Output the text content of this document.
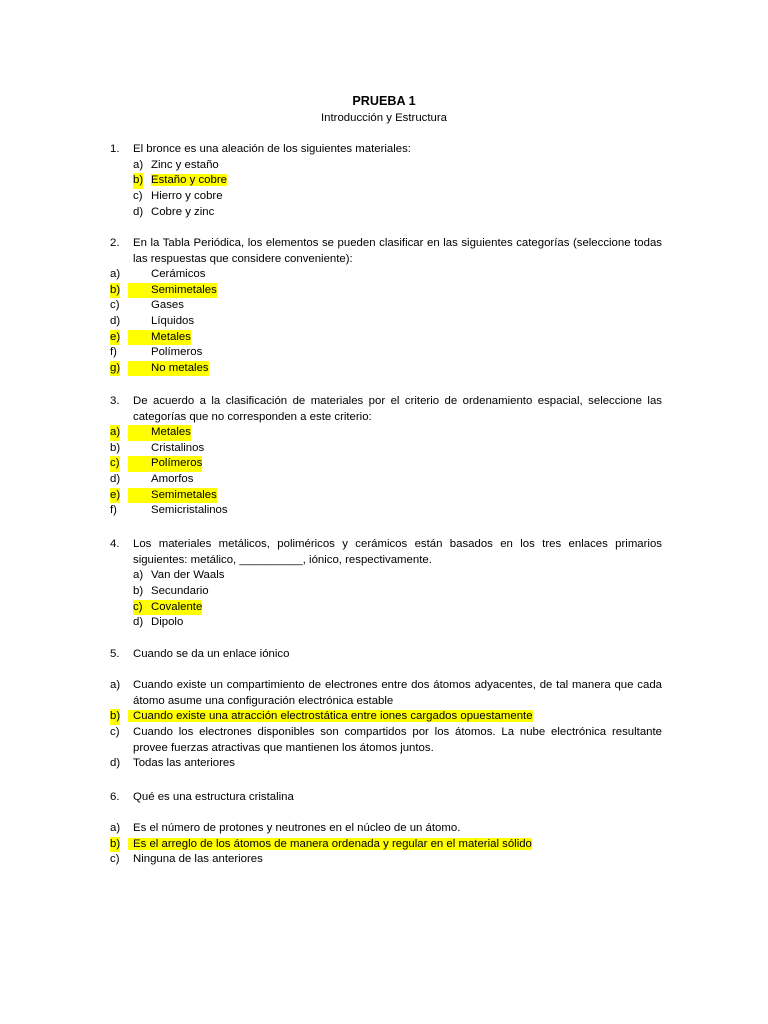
PRUEBA 1
Introducción y Estructura
1. El bronce es una aleación de los siguientes materiales:
a) Zinc y estaño
b) Estaño y cobre
c) Hierro y cobre
d) Cobre y zinc
2. En la Tabla Periódica, los elementos se pueden clasificar en las siguientes categorías (seleccione todas las respuestas que considere conveniente):
a)	Cerámicos
b)	Semimetales
c)	Gases
d)	Líquidos
e)	Metales
f)	Polímeros
g)	No metales
3. De acuerdo a la clasificación de materiales por el criterio de ordenamiento espacial, seleccione las categorías que no corresponden a este criterio:
a)	Metales
b)	Cristalinos
c)	Polímeros
d)	Amorfos
e)	Semimetales
f)	Semicristalinos
4. Los materiales metálicos, poliméricos y cerámicos están basados en los tres enlaces primarios siguientes: metálico, __________, iónico, respectivamente.
a) Van der Waals
b) Secundario
c) Covalente
d) Dipolo
5. Cuando se da un enlace iónico
a) Cuando existe un compartimiento de electrones entre dos átomos adyacentes, de tal manera que cada átomo asume una configuración electrónica estable
b) Cuando existe una atracción electrostática entre iones cargados opuestamente
c) Cuando los electrones disponibles son compartidos por los átomos. La nube electrónica resultante provee fuerzas atractivas que mantienen los átomos juntos.
d) Todas las anteriores
6. Qué es una estructura cristalina
a) Es el número de protones y neutrones en el núcleo de un átomo.
b) Es el arreglo de los átomos de manera ordenada y regular en el material sólido
c) Ninguna de las anteriores
